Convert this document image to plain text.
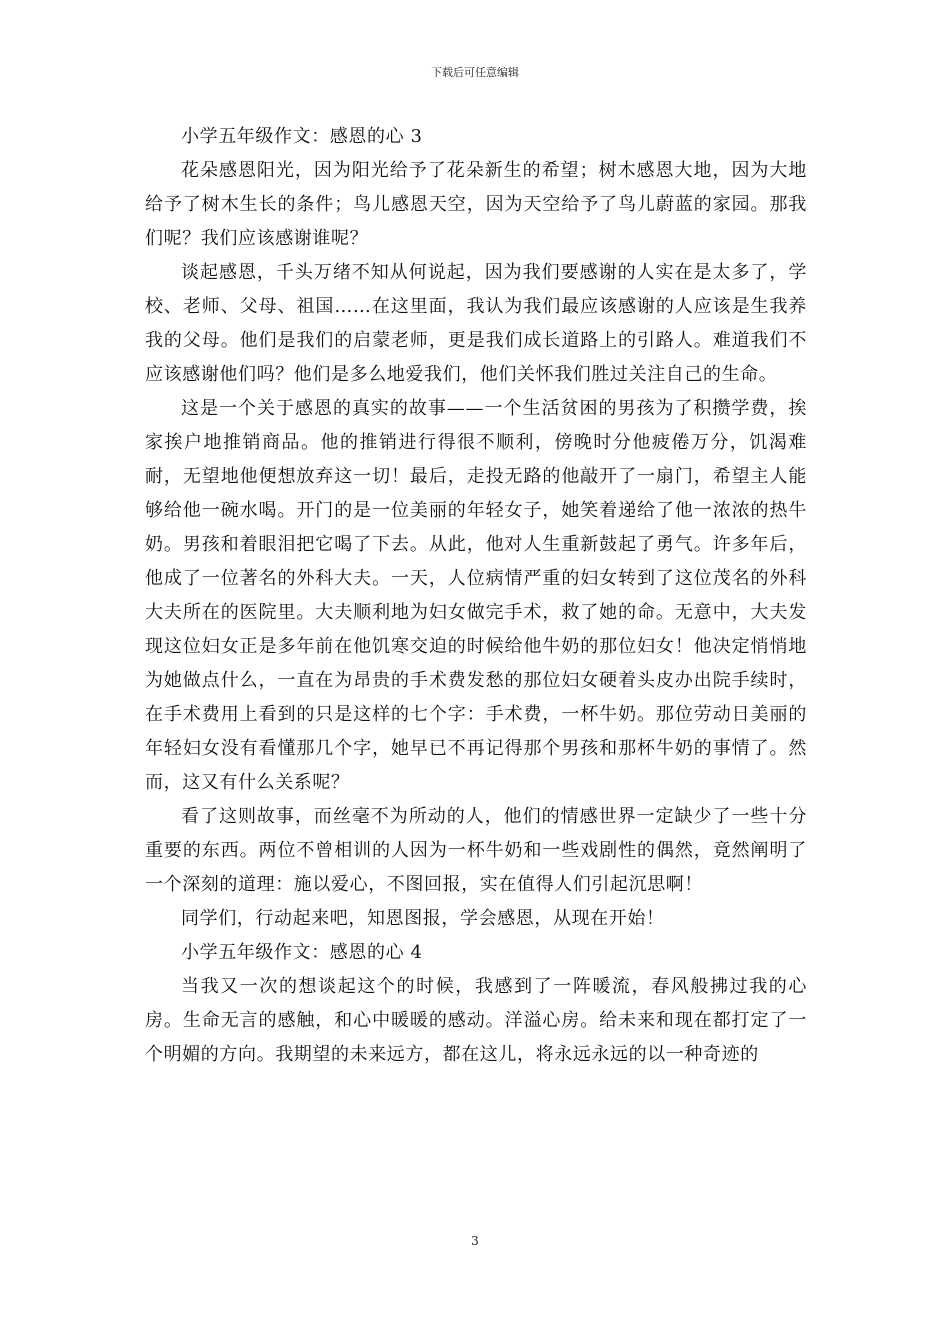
下载后可任意编辑

小学五年级作文：感恩的心 3

花朵感恩阳光，因为阳光给予了花朵新生的希望；树木感恩大地，因为大地给予了树木生长的条件；鸟儿感恩天空，因为天空给予了鸟儿蔚蓝的家园。那我们呢？我们应该感谢谁呢？

谈起感恩，千头万绪不知从何说起，因为我们要感谢的人实在是太多了，学校、老师、父母、祖国……在这里面，我认为我们最应该感谢的人应该是生我养我的父母。他们是我们的启蒙老师，更是我们成长道路上的引路人。难道我们不应该感谢他们吗？他们是多么地爱我们，他们关怀我们胜过关注自己的生命。

这是一个关于感恩的真实的故事——一个生活贫困的男孩为了积攒学费，挨家挨户地推销商品。他的推销进行得很不顺利，傍晚时分他疲倦万分，饥渴难耐，无望地他便想放弃这一切！最后，走投无路的他敲开了一扇门，希望主人能够给他一碗水喝。开门的是一位美丽的年轻女子，她笑着递给了他一浓浓的热牛奶。男孩和着眼泪把它喝了下去。从此，他对人生重新鼓起了勇气。许多年后，他成了一位著名的外科大夫。一天，人位病情严重的妇女转到了这位茂名的外科大夫所在的医院里。大夫顺利地为妇女做完手术，救了她的命。无意中，大夫发现这位妇女正是多年前在他饥寒交迫的时候给他牛奶的那位妇女！他决定悄悄地为她做点什么，一直在为昂贵的手术费发愁的那位妇女硬着头皮办出院手续时，在手术费用上看到的只是这样的七个字：手术费，一杯牛奶。那位劳动日美丽的年轻妇女没有看懂那几个字，她早已不再记得那个男孩和那杯牛奶的事情了。然而，这又有什么关系呢？

看了这则故事，而丝毫不为所动的人，他们的情感世界一定缺少了一些十分重要的东西。两位不曾相训的人因为一杯牛奶和一些戏剧性的偶然，竟然阐明了一个深刻的道理：施以爱心，不图回报，实在值得人们引起沉思啊！

同学们，行动起来吧，知恩图报，学会感恩，从现在开始！

小学五年级作文：感恩的心 4

当我又一次的想谈起这个的时候，我感到了一阵暖流，春风般拂过我的心房。生命无言的感触，和心中暖暖的感动。洋溢心房。给未来和现在都打定了一个明媚的方向。我期望的未来远方，都在这儿，将永远永远的以一种奇迹的

3
